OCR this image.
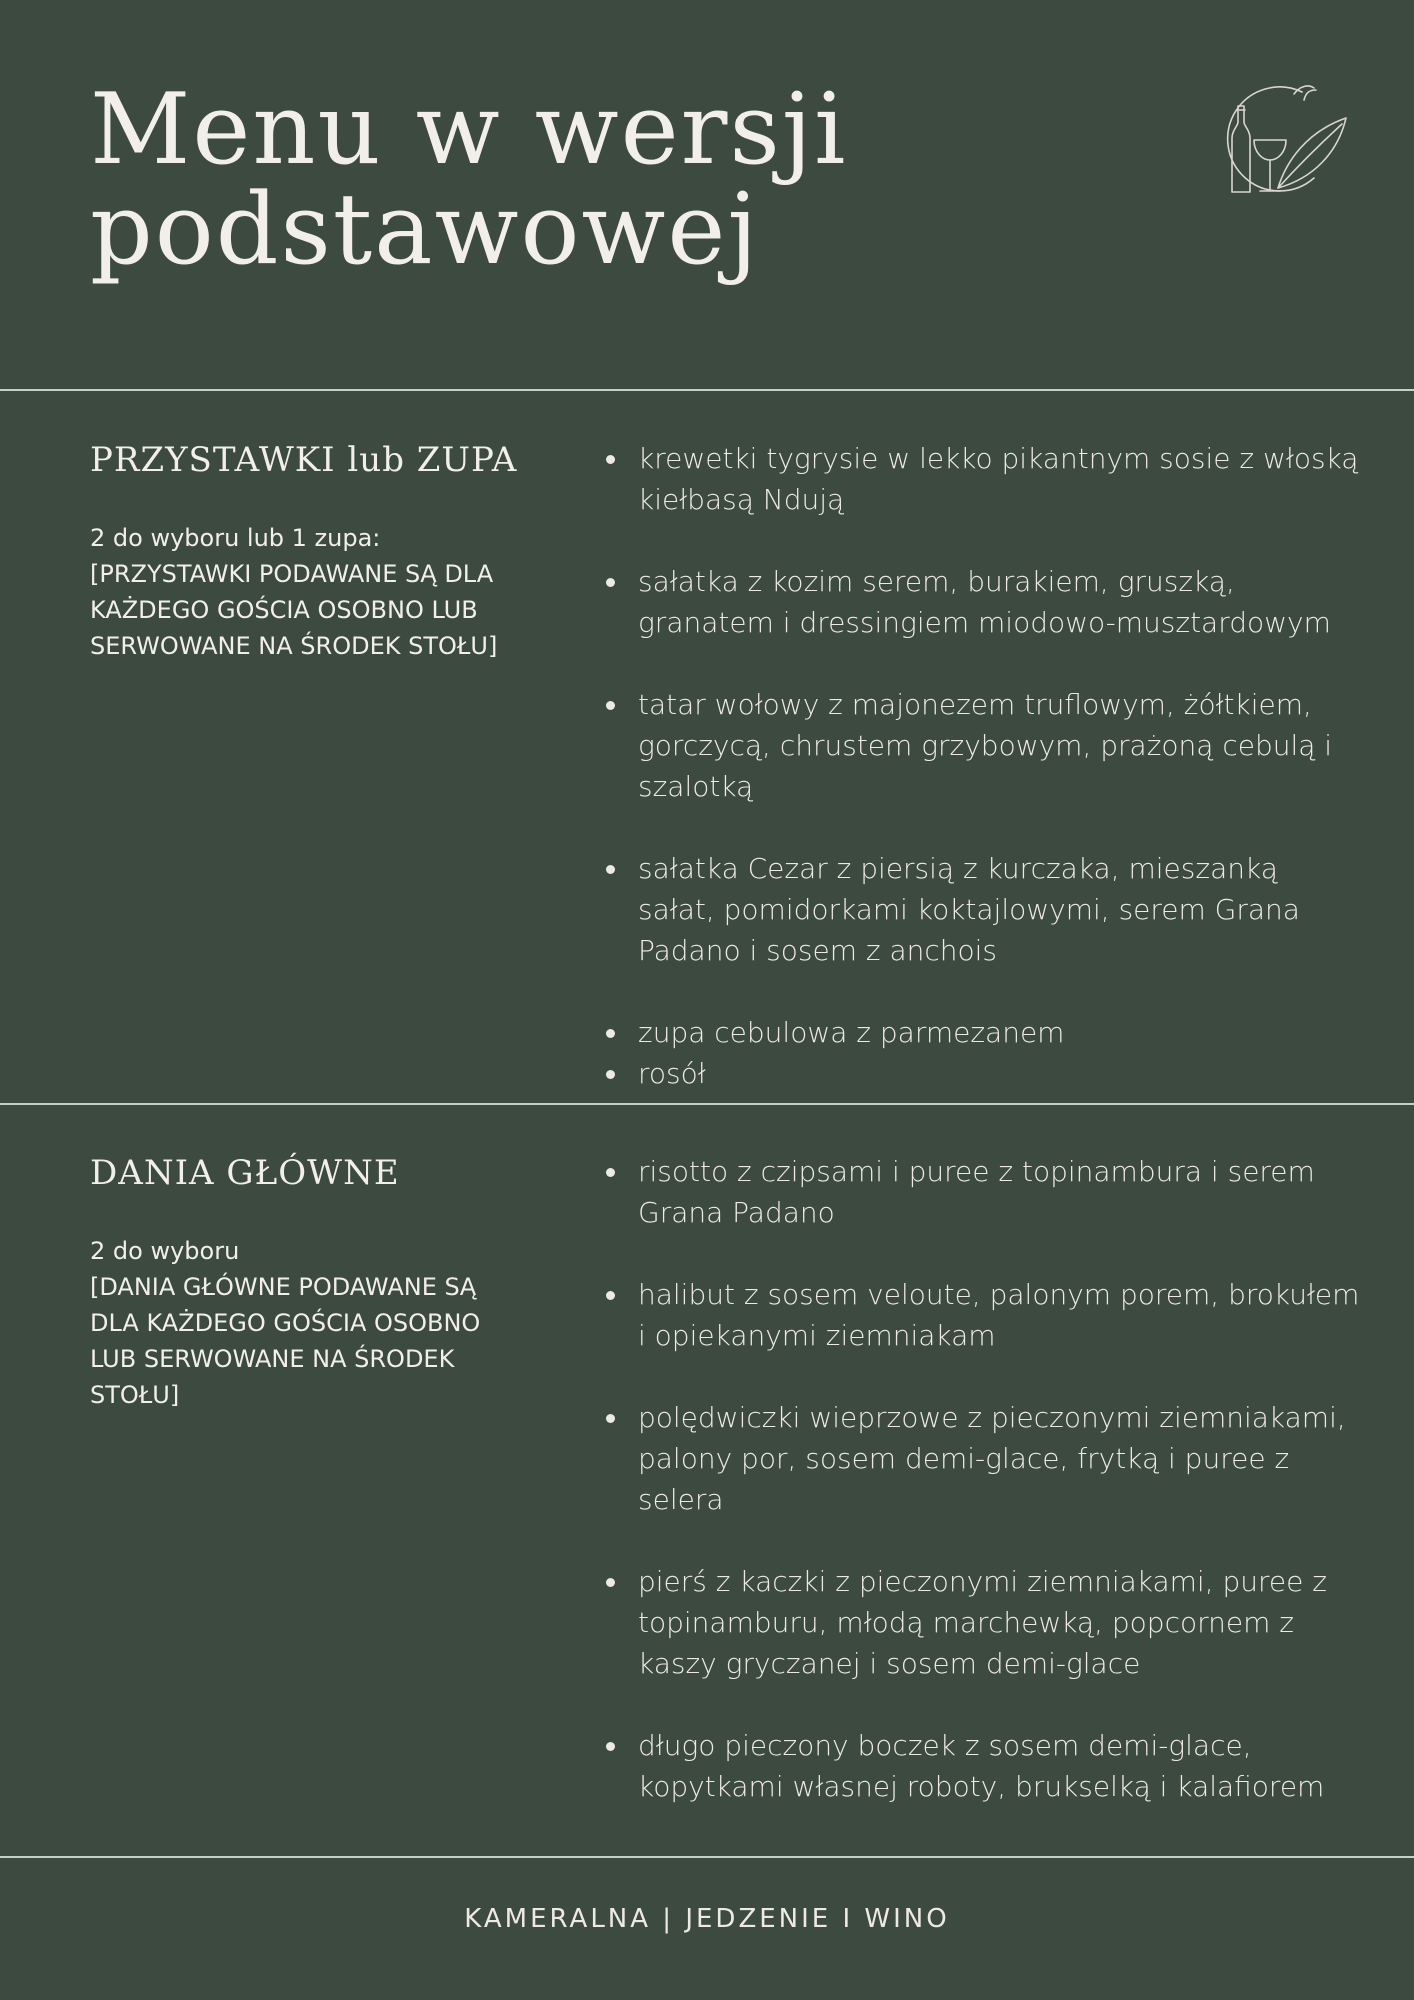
Menu w wersji
podstawowej
PRZYSTAWKI lub ZUPA

2 do wyboru lub 1 zupa:
[PRZYSTAWKI PODAWANE SĄ DLA
KAŻDEGO GOŚCIA OSOBNO LUB
SERWOWANE NA ŚRODEK STOŁU]

krewetki tygrysie w lekko pikantnym sosie z włoską kiełbasą Ndują
sałatka z kozim serem, burakiem, gruszką, granatem i dressingiem miodowo-musztardowym
tatar wołowy z majonezem truflowym, żółtkiem, gorczycą, chrustem grzybowym, prażoną cebulą i szalotką
sałatka Cezar z piersią z kurczaka, mieszanką sałat, pomidorkami koktajlowymi, serem Grana Padano i sosem z anchois
zupa cebulowa z parmezanem
rosół
DANIA GŁÓWNE

2 do wyboru
[DANIA GŁÓWNE PODAWANE SĄ
DLA KAŻDEGO GOŚCIA OSOBNO
LUB SERWOWANE NA ŚRODEK
STOŁU]

risotto z czipsami i puree z topinambura i serem Grana Padano
halibut z sosem veloute, palonym porem, brokułem i opiekanymi ziemniakam
polędwiczki wieprzowe z pieczonymi ziemniakami, palony por, sosem demi-glace, frytką i puree z selera
pierś z kaczki z pieczonymi ziemniakami, puree z topinamburu, młodą marchewką, popcornem z kaszy gryczanej i sosem demi-glace
długo pieczony boczek z sosem demi-glace, kopytkami własnej roboty, brukselką i kalafiorem
KAMERALNA | JEDZENIE I WINO
